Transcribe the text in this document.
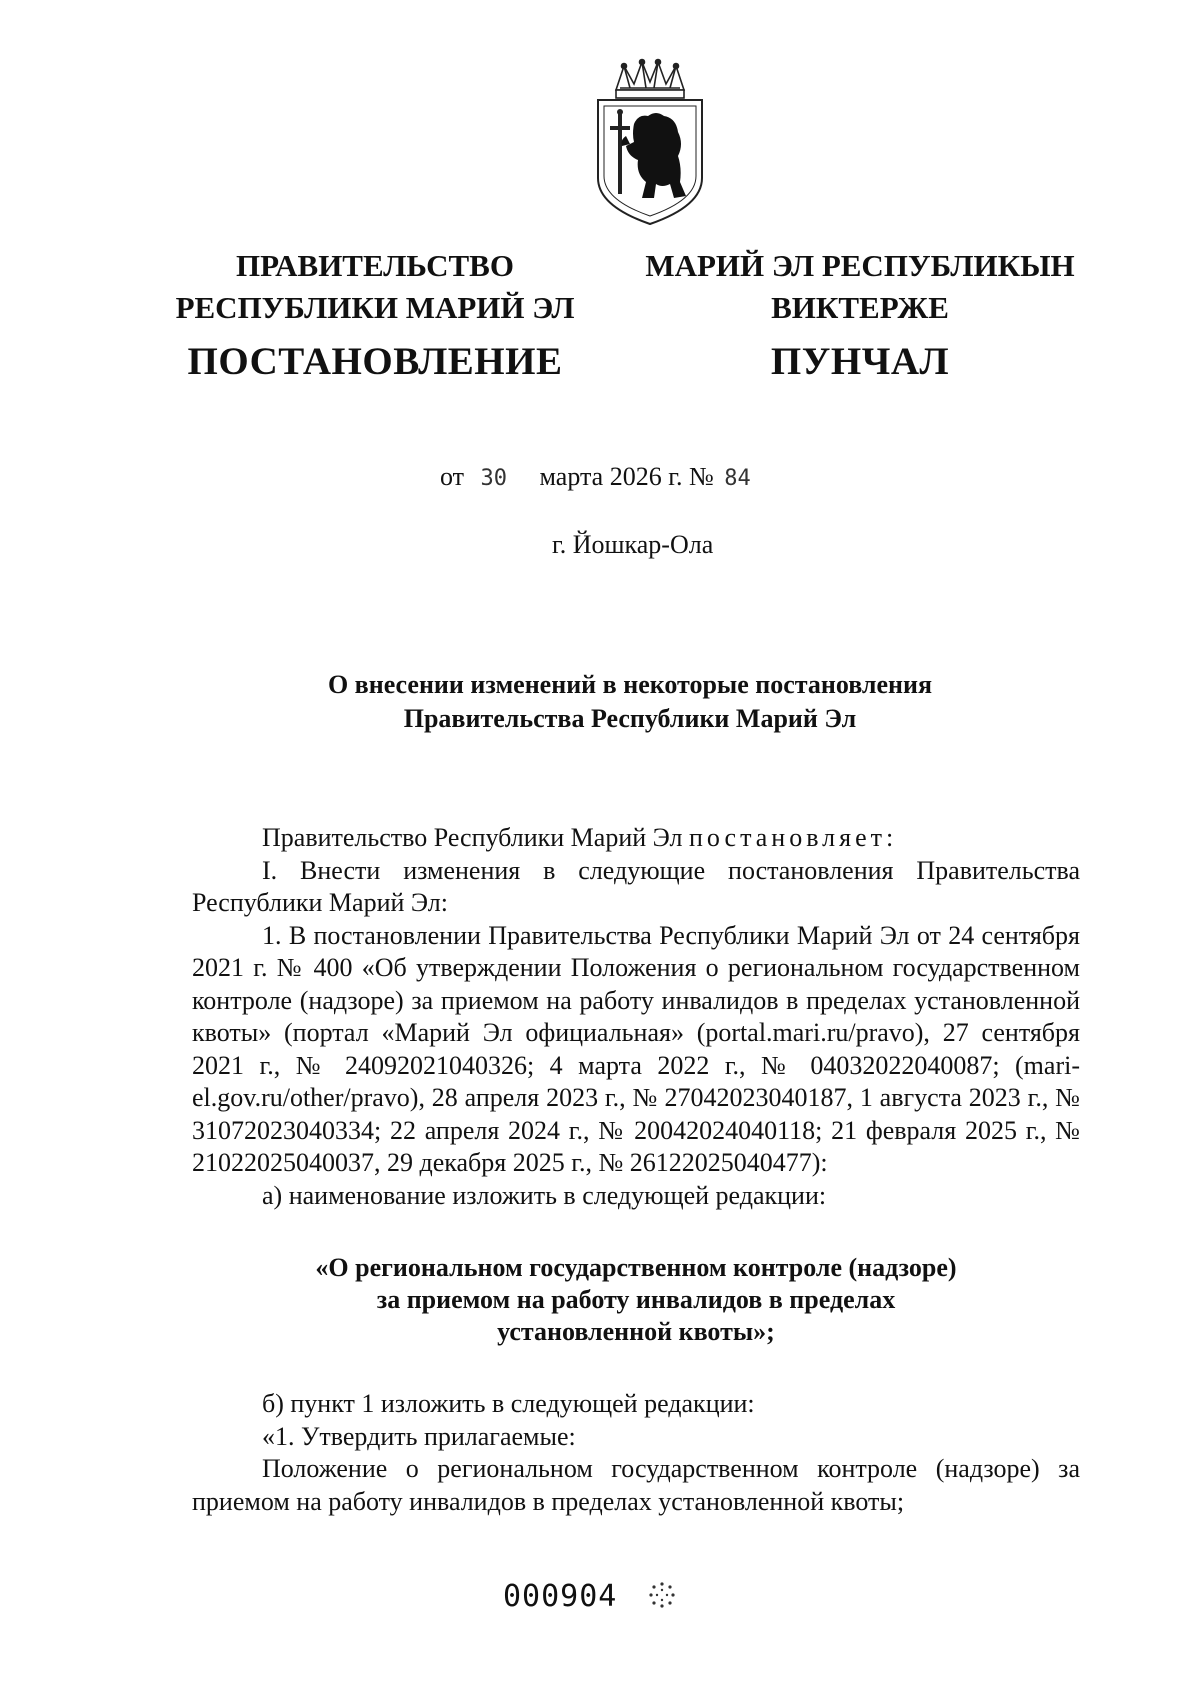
ПРАВИТЕЛЬСТВО
РЕСПУБЛИКИ МАРИЙ ЭЛ
ПОСТАНОВЛЕНИЕ
МАРИЙ ЭЛ РЕСПУБЛИКЫН
ВИКТЕРЖЕ
ПУНЧАЛ
от 30 марта 2026 г. № 84
г. Йошкар-Ола
О внесении изменений в некоторые постановления
Правительства Республики Марий Эл

Правительство Республики Марий Эл постановляет:

I. Внести изменения в следующие постановления Правительства Республики Марий Эл:

1. В постановлении Правительства Республики Марий Эл от 24 сентября 2021 г. № 400 «Об утверждении Положения о региональном государственном контроле (надзоре) за приемом на работу инвалидов в пределах установленной квоты» (портал «Марий Эл официальная» (portal.mari.ru/pravo), 27 сентября 2021 г., № 24092021040326; 4 марта 2022 г., № 04032022040087; (mari-el.gov.ru/other/pravo), 28 апреля 2023 г., № 27042023040187, 1 августа 2023 г., № 31072023040334; 22 апреля 2024 г., № 20042024040118; 21 февраля 2025 г., № 21022025040037, 29 декабря 2025 г., № 26122025040477):

а) наименование изложить в следующей редакции:

«О региональном государственном контроле (надзоре)
за приемом на работу инвалидов в пределах
установленной квоты»;

б) пункт 1 изложить в следующей редакции:

«1. Утвердить прилагаемые:

Положение о региональном государственном контроле (надзоре) за приемом на работу инвалидов в пределах установленной квоты;

000904
